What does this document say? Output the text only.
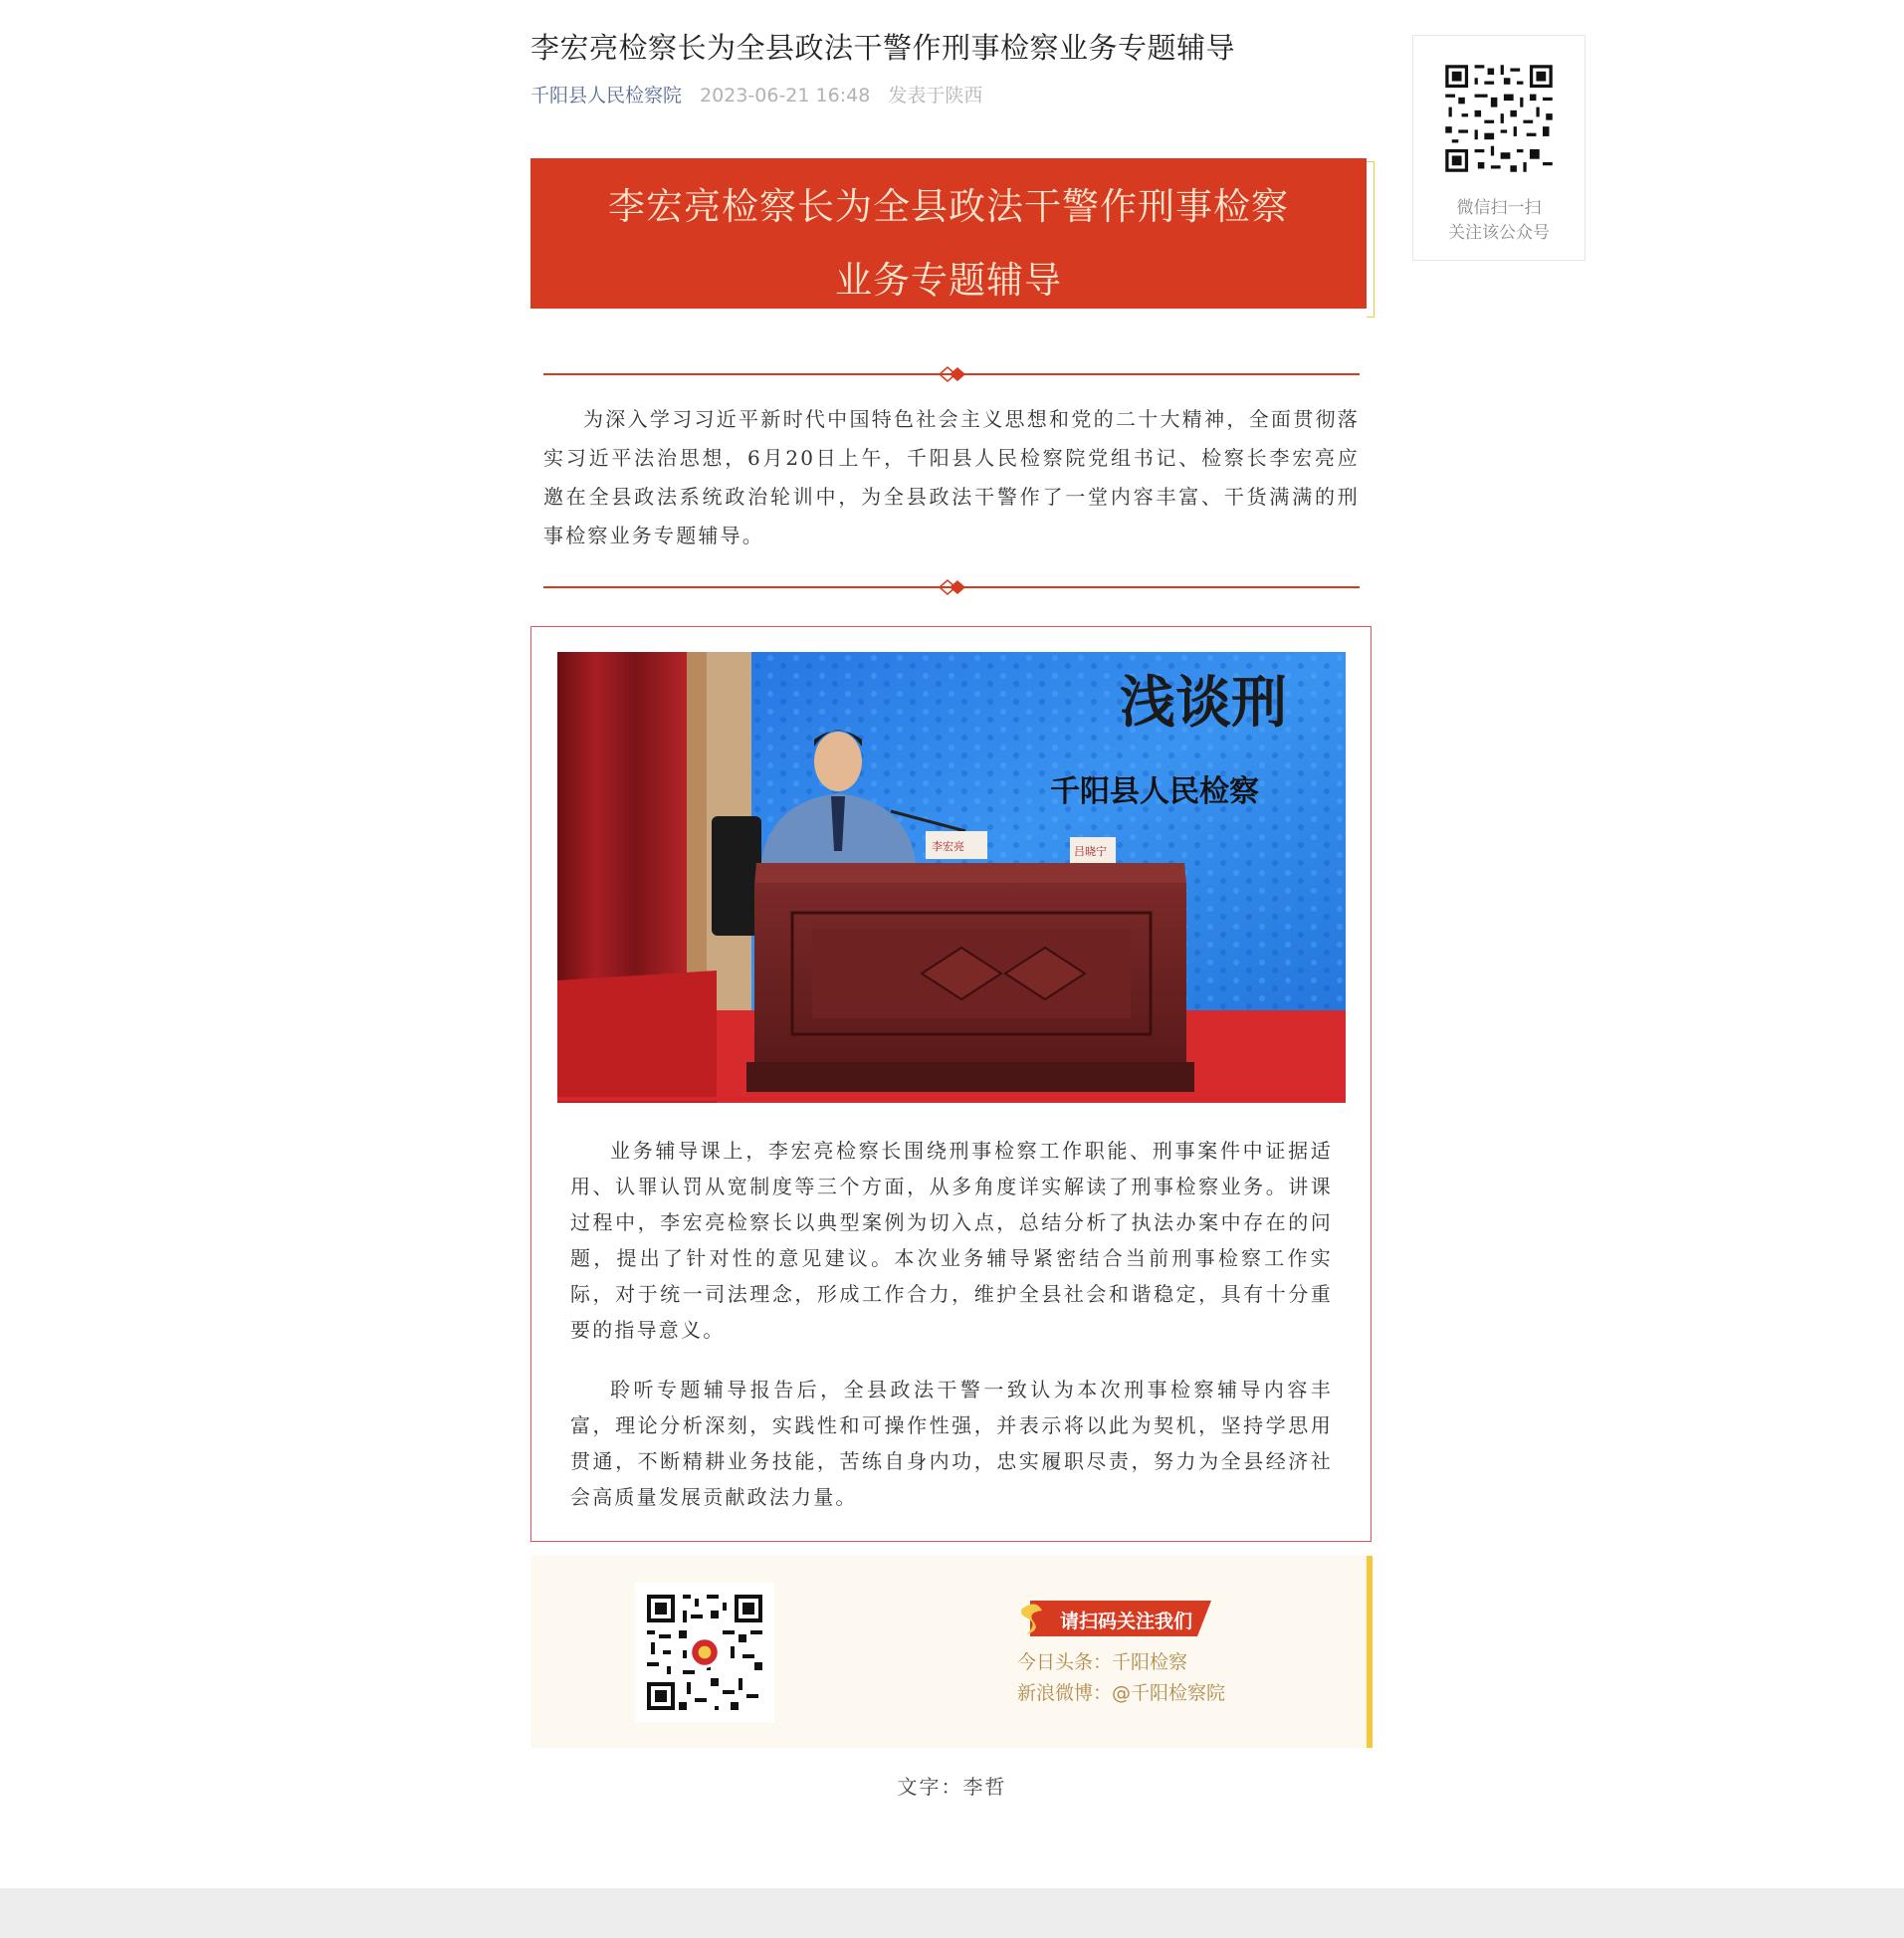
李宏亮检察长为全县政法干警作刑事检察业务专题辅导
千阳县人民检察院 2023-06-21 16:48 发表于陕西
李宏亮检察长为全县政法干警作刑事检察
业务专题辅导
为深入学习习近平新时代中国特色社会主义思想和党的二十大精神，全面贯彻落实习近平法治思想，6月20日上午，千阳县人民检察院党组书记、检察长李宏亮应邀在全县政法系统政治轮训中，为全县政法干警作了一堂内容丰富、干货满满的刑事检察业务专题辅导。
浅谈刑
千阳县人民检察
李宏亮	吕晓宁
业务辅导课上，李宏亮检察长围绕刑事检察工作职能、刑事案件中证据适用、认罪认罚从宽制度等三个方面，从多角度详实解读了刑事检察业务。讲课过程中，李宏亮检察长以典型案例为切入点，总结分析了执法办案中存在的问题，提出了针对性的意见建议。本次业务辅导紧密结合当前刑事检察工作实际，对于统一司法理念，形成工作合力，维护全县社会和谐稳定，具有十分重要的指导意义。
聆听专题辅导报告后，全县政法干警一致认为本次刑事检察辅导内容丰富，理论分析深刻，实践性和可操作性强，并表示将以此为契机，坚持学思用贯通，不断精耕业务技能，苦练自身内功，忠实履职尽责，努力为全县经济社会高质量发展贡献政法力量。
请扫码关注我们
今日头条：千阳检察
新浪微博：@千阳检察院
文字：李哲
微信扫一扫
关注该公众号
